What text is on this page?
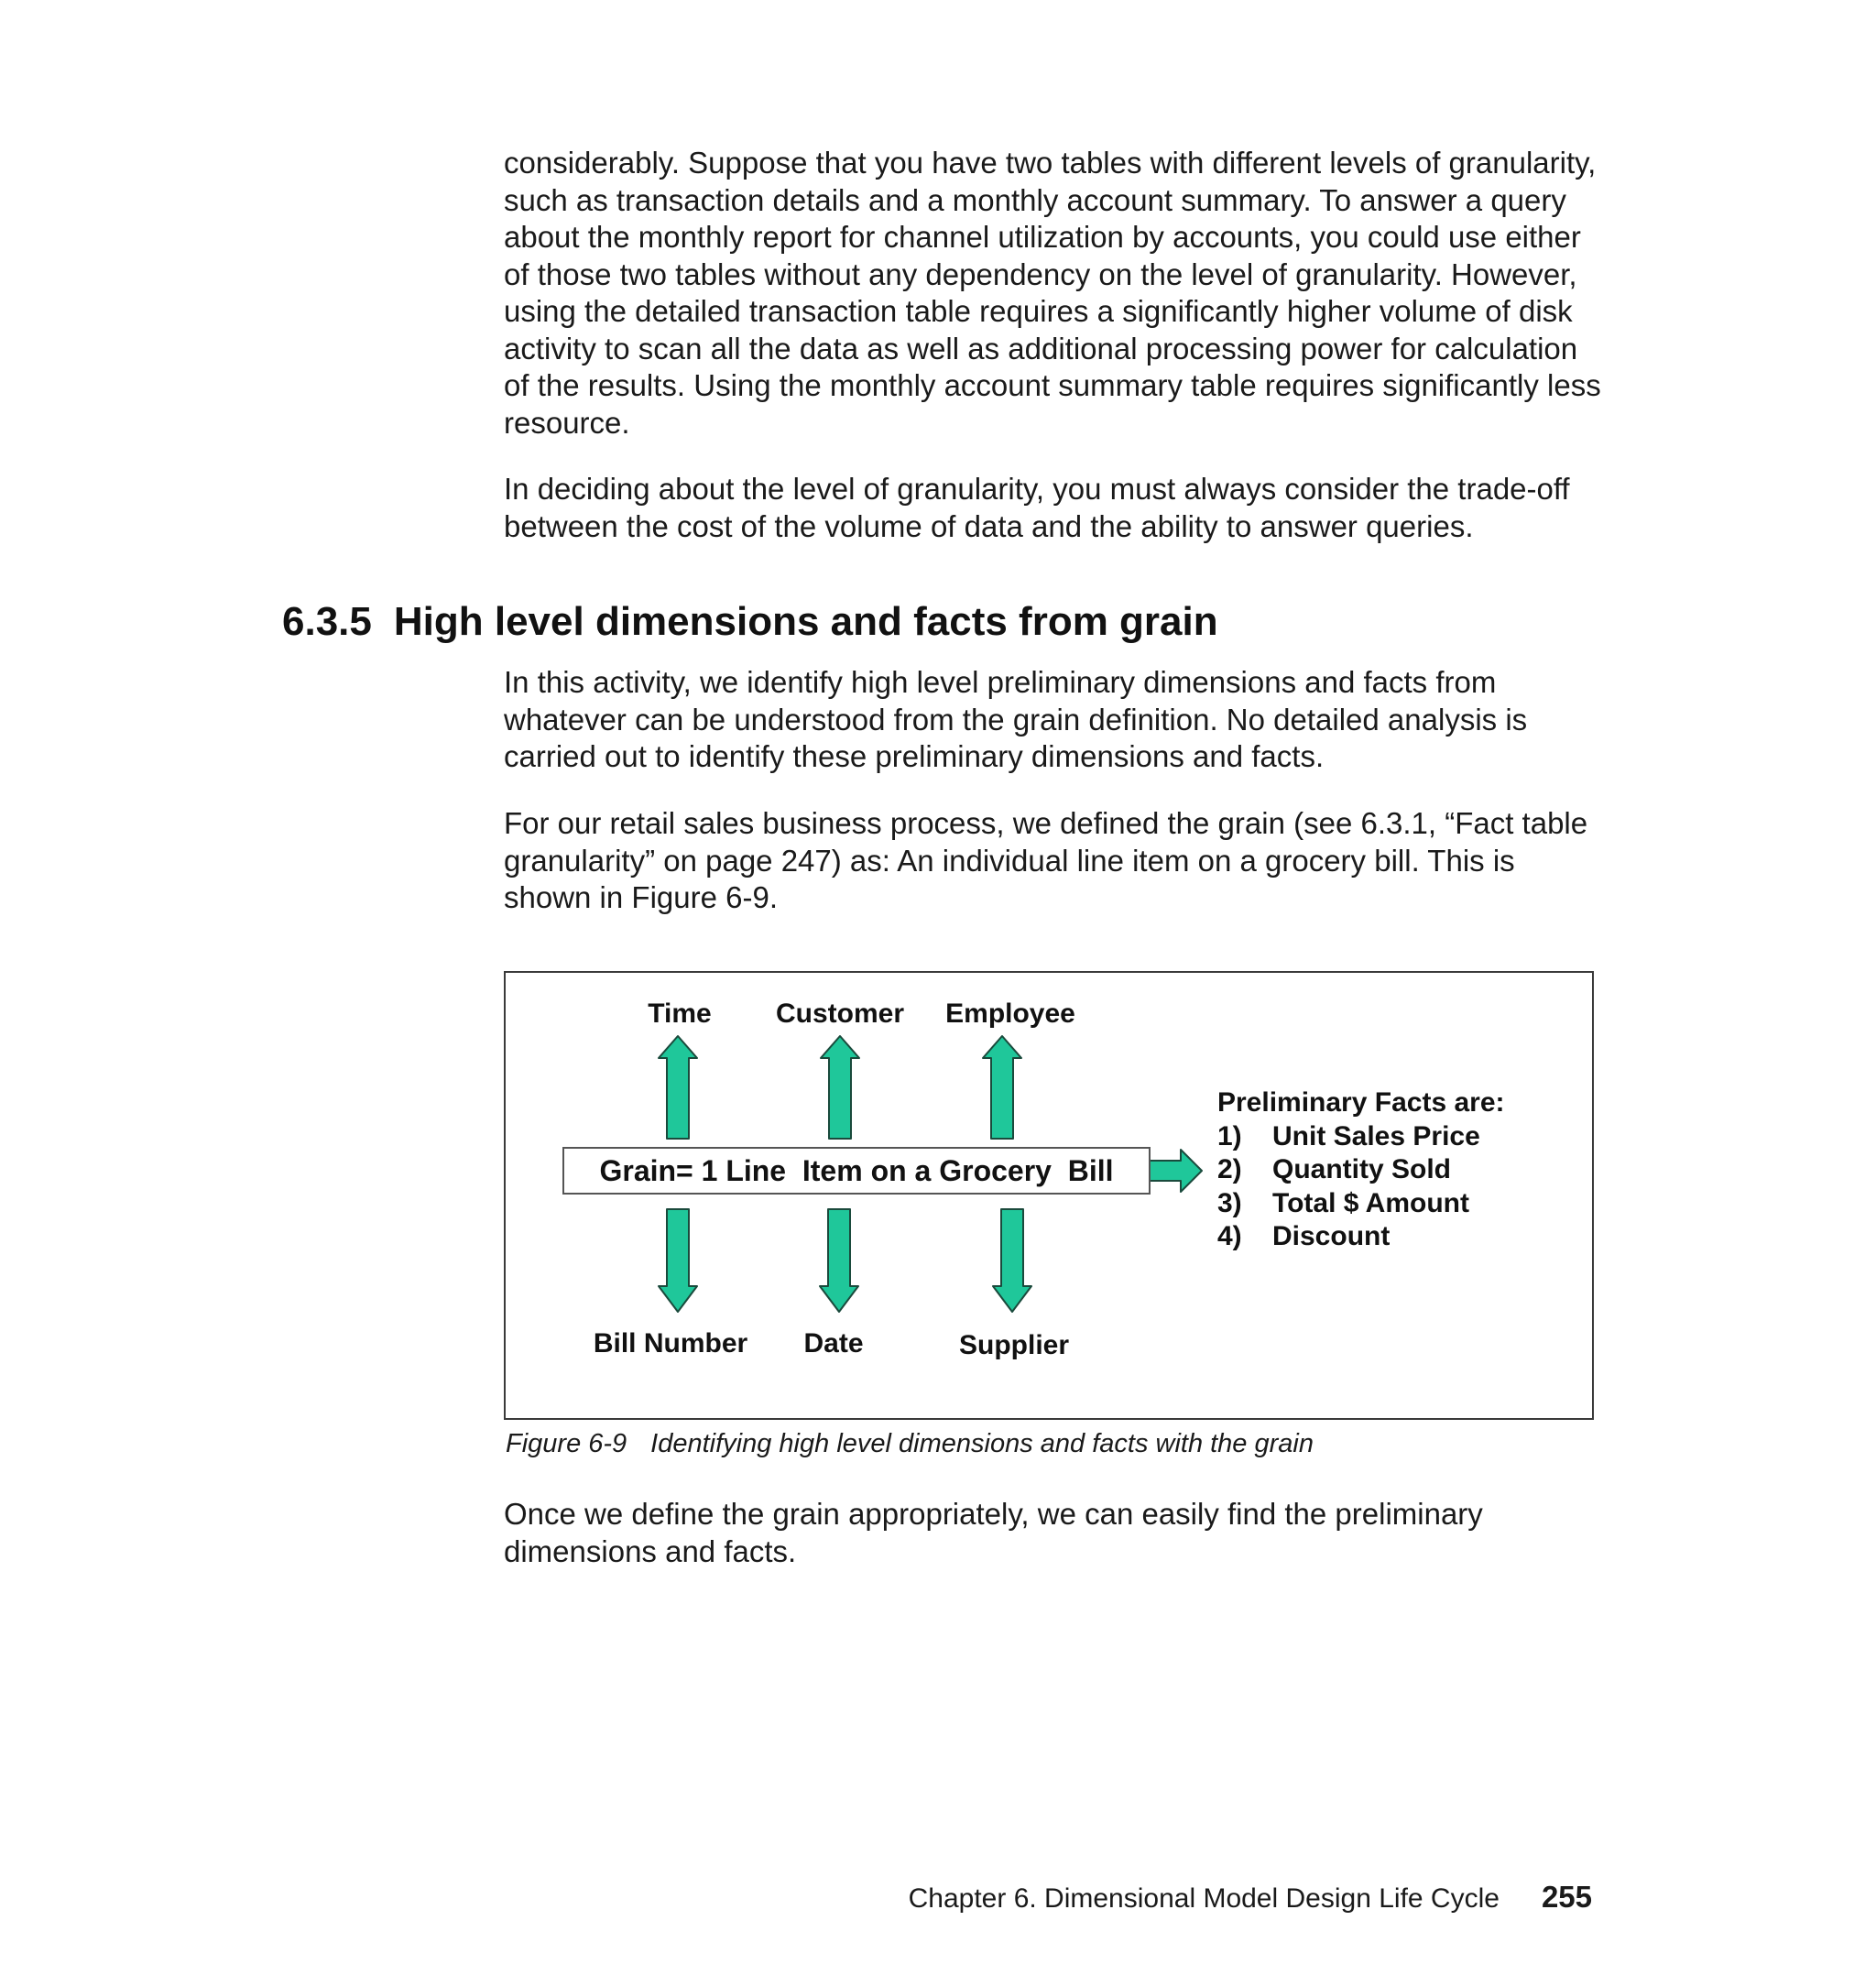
considerably. Suppose that you have two tables with different levels of granularity, such as transaction details and a monthly account summary. To answer a query about the monthly report for channel utilization by accounts, you could use either of those two tables without any dependency on the level of granularity. However, using the detailed transaction table requires a significantly higher volume of disk activity to scan all the data as well as additional processing power for calculation of the results. Using the monthly account summary table requires significantly less resource.

In deciding about the level of granularity, you must always consider the trade-off between the cost of the volume of data and the ability to answer queries.

6.3.5 High level dimensions and facts from grain

In this activity, we identify high level preliminary dimensions and facts from whatever can be understood from the grain definition. No detailed analysis is carried out to identify these preliminary dimensions and facts.

For our retail sales business process, we defined the grain (see 6.3.1, “Fact table granularity” on page 247) as: An individual line item on a grocery bill. This is shown in Figure 6-9.

Time Customer Employee
Grain= 1 Line  Item on a Grocery  Bill
Bill Number Date	Supplier
Preliminary Facts are:
1)	Unit Sales Price
2)	Quantity Sold
3)	Total $ Amount
4)	Discount

Figure 6-9 Identifying high level dimensions and facts with the grain

Once we define the grain appropriately, we can easily find the preliminary dimensions and facts.

Chapter 6. Dimensional Model Design Life Cycle 255
